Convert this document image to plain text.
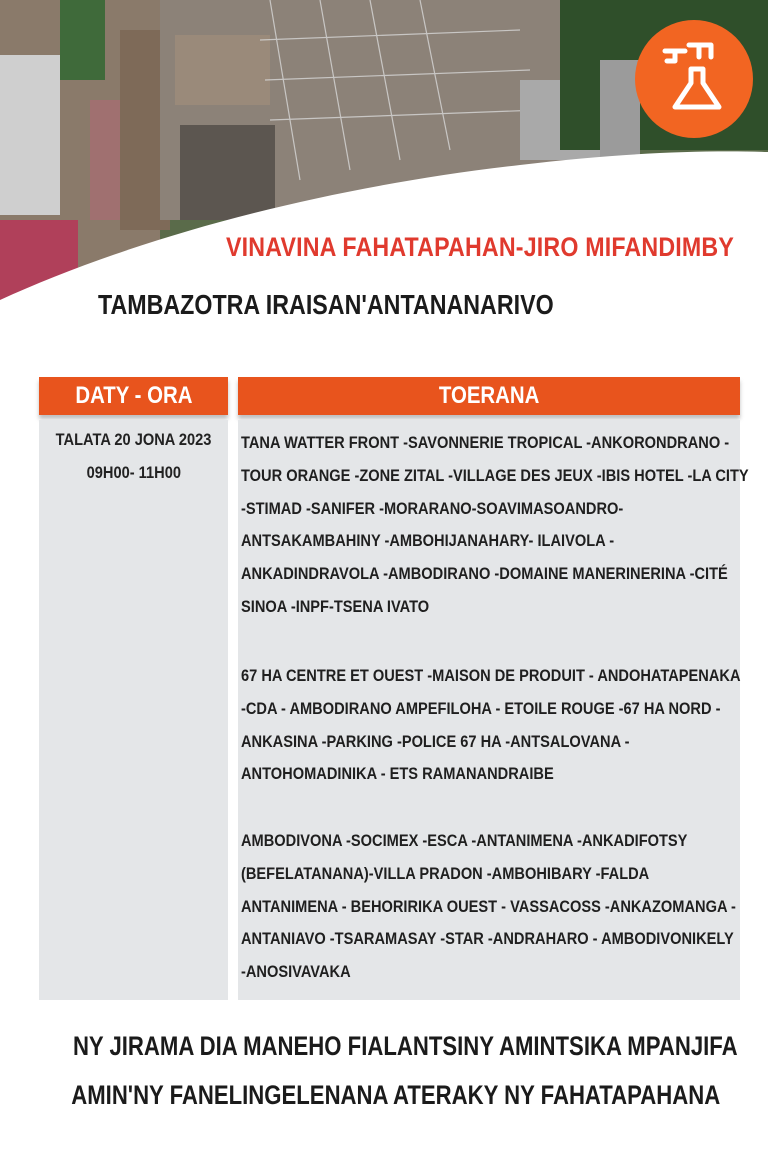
VINAVINA FAHATAPAHAN-JIRO MIFANDIMBY
TAMBAZOTRA IRAISAN'ANTANANARIVO
DATY - ORA	TOERANA
TALATA 20 JONA 2023
09H00- 11H00
TANA WATTER FRONT -SAVONNERIE TROPICAL -ANKORONDRANO -
TOUR ORANGE -ZONE ZITAL -VILLAGE DES JEUX -IBIS HOTEL -LA CITY
-STIMAD -SANIFER -MORARANO-SOAVIMASOANDRO-
ANTSAKAMBAHINY -AMBOHIJANAHARY- ILAIVOLA -
ANKADINDRAVOLA -AMBODIRANO -DOMAINE MANERINERINA -CITÉ
SINOA -INPF-TSENA IVATO
67 HA CENTRE ET OUEST -MAISON DE PRODUIT - ANDOHATAPENAKA
-CDA - AMBODIRANO AMPEFILOHA - ETOILE ROUGE -67 HA NORD -
ANKASINA -PARKING -POLICE 67 HA -ANTSALOVANA -
ANTOHOMADINIKA - ETS RAMANANDRAIBE
AMBODIVONA -SOCIMEX -ESCA -ANTANIMENA -ANKADIFOTSY
(BEFELATANANA)-VILLA PRADON -AMBOHIBARY -FALDA
ANTANIMENA - BEHORIRIKA OUEST - VASSACOSS -ANKAZOMANGA -
ANTANIAVO -TSARAMASAY -STAR -ANDRAHARO - AMBODIVONIKELY
-ANOSIVAVAKA
NY JIRAMA DIA MANEHO FIALANTSINY AMINTSIKA MPANJIFA
AMIN'NY FANELINGELENANA ATERAKY NY FAHATAPAHANA
